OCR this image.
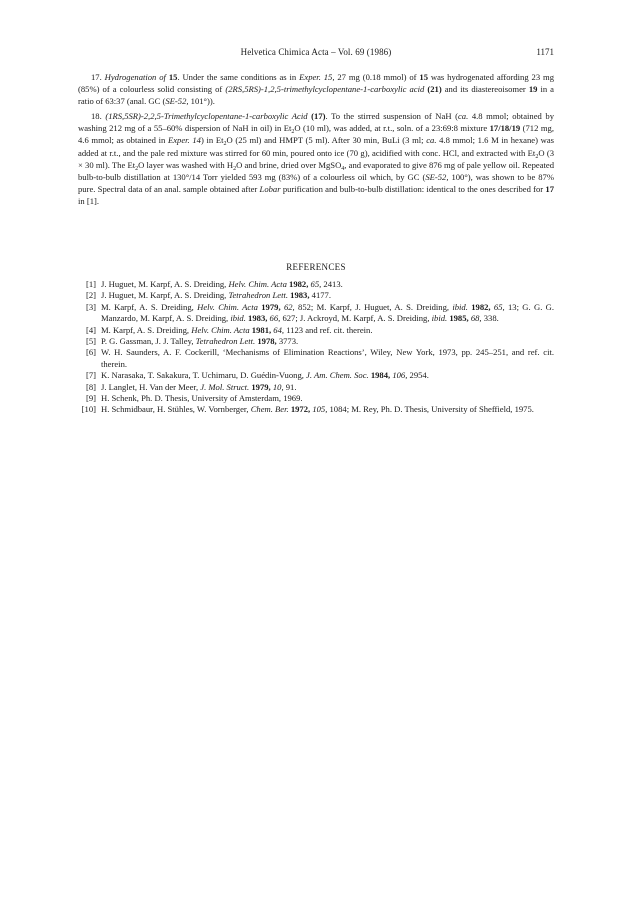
Helvetica Chimica Acta – Vol. 69 (1986)	1171

17. Hydrogenation of 15. Under the same conditions as in Exper. 15, 27 mg (0.18 mmol) of 15 was hydrogenated affording 23 mg (85%) of a colourless solid consisting of (2RS,5RS)-1,2,5-trimethylcyclopentane-1-carboxylic acid (21) and its diastereoisomer 19 in a ratio of 63:37 (anal. GC (SE-52, 101°)).

18. (1RS,5SR)-2,2,5-Trimethylcyclopentane-1-carboxylic Acid (17). To the stirred suspension of NaH (ca. 4.8 mmol; obtained by washing 212 mg of a 55–60% dispersion of NaH in oil) in $Et_2O$ (10 ml), was added, at r.t., soln. of a 23:69:8 mixture 17/18/19 (712 mg, 4.6 mmol; as obtained in Exper. 14) in $Et_2O$ (25 ml) and HMPT (5 ml). After 30 min, BuLi (3 ml; ca. 4.8 mmol; 1.6 M in hexane) was added at r.t., and the pale red mixture was stirred for 60 min, poured onto ice (70 g), acidified with conc. HCl, and extracted with $Et_2O$ (3 × 30 ml). The $Et_2O$ layer was washed with $H_2O$ and brine, dried over MgSO$_4$, and evaporated to give 876 mg of pale yellow oil. Repeated bulb-to-bulb distillation at 130°/14 Torr yielded 593 mg (83%) of a colourless oil which, by GC (SE-52, 100°), was shown to be 87% pure. Spectral data of an anal. sample obtained after Lobar purification and bulb-to-bulb distillation: identical to the ones described for 17 in [1].

REFERENCES
[1] J. Huguet, M. Karpf, A. S. Dreiding, Helv. Chim. Acta 1982, 65, 2413.
[2] J. Huguet, M. Karpf, A. S. Dreiding, Tetrahedron Lett. 1983, 4177.
[3] M. Karpf, A. S. Dreiding, Helv. Chim. Acta 1979, 62, 852; M. Karpf, J. Huguet, A. S. Dreiding, ibid. 1982, 65, 13; G. G. G. Manzardo, M. Karpf, A. S. Dreiding, ibid. 1983, 66, 627; J. Ackroyd, M. Karpf, A. S. Dreiding, ibid. 1985, 68, 338.
[4] M. Karpf, A. S. Dreiding, Helv. Chim. Acta 1981, 64, 1123 and ref. cit. therein.
[5] P. G. Gassman, J. J. Talley, Tetrahedron Lett. 1978, 3773.
[6] W. H. Saunders, A. F. Cockerill, ‘Mechanisms of Elimination Reactions’, Wiley, New York, 1973, pp. 245–251, and ref. cit. therein.
[7] K. Narasaka, T. Sakakura, T. Uchimaru, D. Guédin-Vuong, J. Am. Chem. Soc. 1984, 106, 2954.
[8] J. Langlet, H. Van der Meer, J. Mol. Struct. 1979, 10, 91.
[9] H. Schenk, Ph. D. Thesis, University of Amsterdam, 1969.
[10] H. Schmidbaur, H. Stühles, W. Vornberger, Chem. Ber. 1972, 105, 1084; M. Rey, Ph. D. Thesis, University of Sheffield, 1975.
